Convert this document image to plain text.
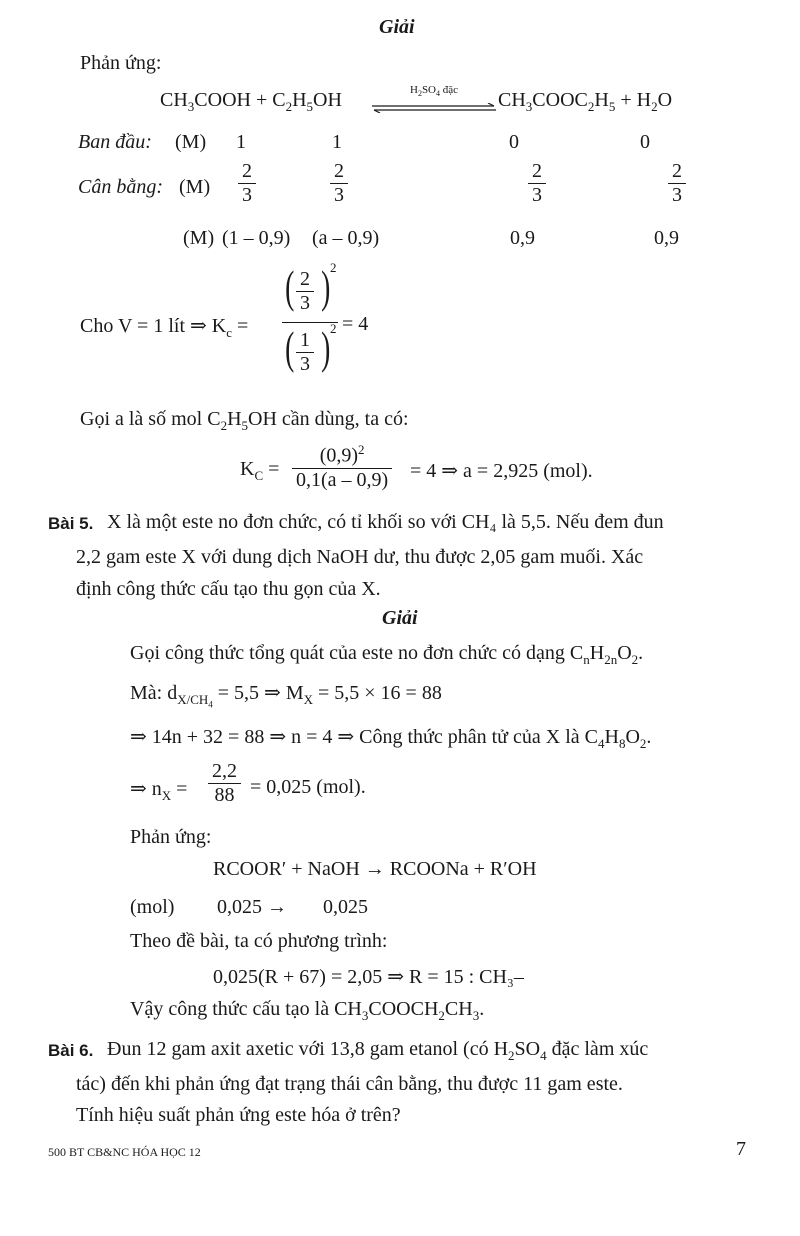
Giải
Phản ứng:
$CH_3COOH + C_2H_5OH$	$H_2SO_4$ đặc	$CH_3COOC_2H_5 + H_2O$
Ban đầu: (M) 1	1	0	0
Cân bằng: $(M) \frac{2}{3}$	$\frac{2}{3}$	$\frac{2}{3}$	$\frac{2}{3}$
(M) (1 – 0,9) (a – 0,9)	0,9	0,9
Cho V = 1 lít ⇒ $K_c$ =
( $\frac{2}{3}$ ) 2
( $\frac{1}{3}$ ) 2 = 4
Gọi a là số mol $C_2H_5OH$ cần dùng, ta có:
$K_C = \frac{(0,9)^2}{0,1(a - 0,9)} = 4$ ⇒ a = 2,925 (mol).
Bài 5. X là một este no đơn chức, có tỉ khối so với CH₄ là 5,5. Nếu đem đun
2,2 gam este X với dung dịch NaOH dư, thu được 2,05 gam muối. Xác
định công thức cấu tạo thu gọn của X.
Giải
Gọi công thức tổng quát của este no đơn chức có dạng $C_nH_{2n}O_2$.
Mà: $d_{X/CH_4} = 5,5$ ⇒ $M_X = 5,5 \times 16 = 88$
⇒ 14n + 32 = 88 ⇒ n = 4 ⇒ Công thức phân tử của X là $C_4H_8O_2$.
⇒ $n_X = \frac{2,2}{88} = 0,025$ (mol).
Phản ứng:
RCOOR′ + NaOH → RCOONa + R′OH
(mol) 0,025 → 0,025
Theo đề bài, ta có phương trình:
0,025(R + 67) = 2,05 ⇒ R = 15 : CH₃–
Vậy công thức cấu tạo là $CH_3COOCH_2CH_3$.
Bài 6. Đun 12 gam axit axetic với 13,8 gam etanol (có $H_2SO_4$ đặc làm xúc
tác) đến khi phản ứng đạt trạng thái cân bằng, thu được 11 gam este.
Tính hiệu suất phản ứng este hóa ở trên?
500 BT CB&NC HÓA HỌC 12	7
